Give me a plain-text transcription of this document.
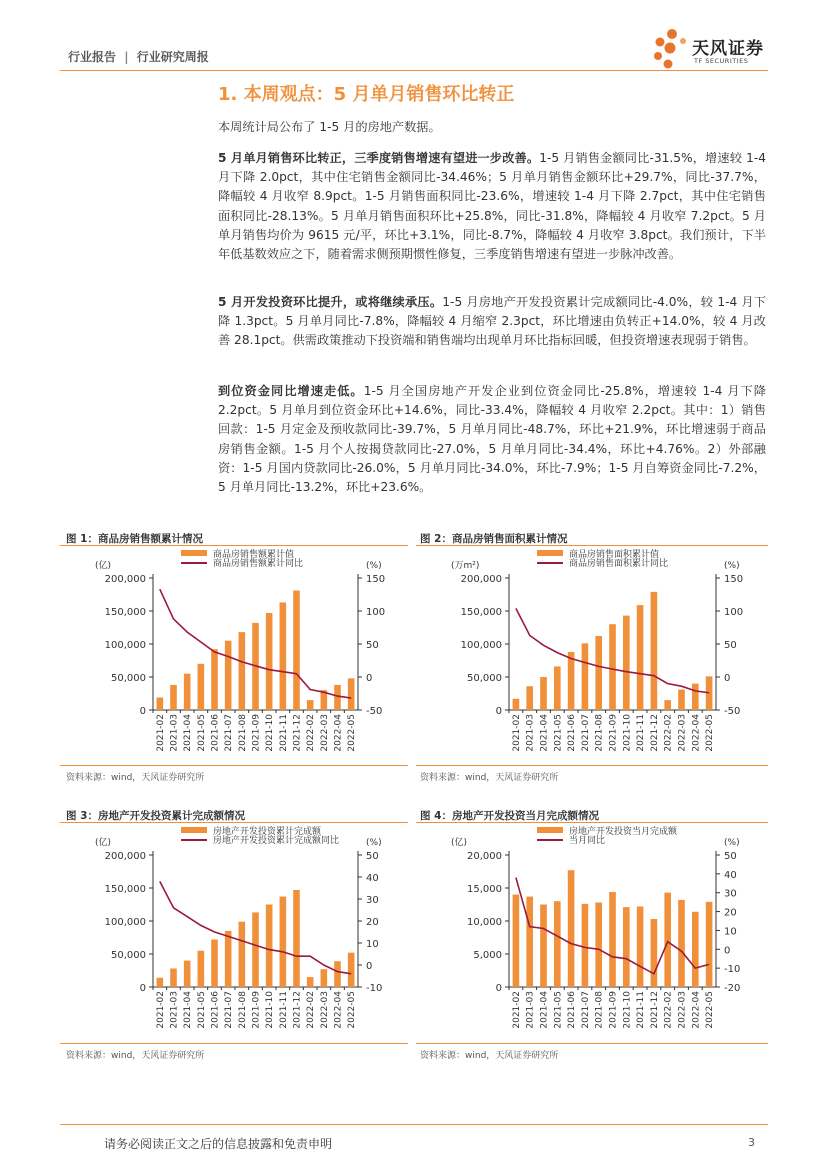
行业报告 | 行业研究周报	天风证券
TF SECURITIES
1. 本周观点：5 月单月销售环比转正
本周统计局公布了 1-5 月的房地产数据。
5 月单月销售环比转正，三季度销售增速有望进一步改善。1-5 月销售金额同比-31.5%，增速较 1-4 月下降 2.0pct，其中住宅销售金额同比-34.46%；5 月单月销售金额环比+29.7%，同比-37.7%，降幅较 4 月收窄 8.9pct。1-5 月销售面积同比-23.6%，增速较 1-4 月下降 2.7pct，其中住宅销售面积同比-28.13%。5 月单月销售面积环比+25.8%，同比-31.8%，降幅较 4 月收窄 7.2pct。5 月单月销售均价为 9615 元/平，环比+3.1%，同比-8.7%，降幅较 4 月收窄 3.8pct。我们预计，下半年低基数效应之下，随着需求侧预期惯性修复，三季度销售增速有望进一步脉冲改善。
5 月开发投资环比提升，或将继续承压。1-5 月房地产开发投资累计完成额同比-4.0%，较 1-4 月下降 1.3pct。5 月单月同比-7.8%，降幅较 4 月缩窄 2.3pct，环比增速由负转正+14.0%，较 4 月改善 28.1pct。供需政策推动下投资端和销售端均出现单月环比指标回暖，但投资增速表现弱于销售。
到位资金同比增速走低。1-5 月全国房地产开发企业到位资金同比-25.8%，增速较 1-4 月下降 2.2pct。5 月单月到位资金环比+14.6%，同比-33.4%，降幅较 4 月收窄 2.2pct。其中：1）销售回款：1-5 月定金及预收款同比-39.7%，5 月单月同比-48.7%，环比+21.9%，环比增速弱于商品房销售金额。1-5 月个人按揭贷款同比-27.0%，5 月单月同比-34.4%，环比+4.76%。2）外部融资：1-5 月国内贷款同比-26.0%，5 月单月同比-34.0%，环比-7.9%；1-5 月自筹资金同比-7.2%，5 月单月同比-13.2%，环比+23.6%。
图 1：商品房销售额累计情况
资料来源：wind，天风证券研究所
图 2：商品房销售面积累计情况
资料来源：wind，天风证券研究所
图 3：房地产开发投资累计完成额情况
资料来源：wind，天风证券研究所
图 4：房地产开发投资当月完成额情况
资料来源：wind，天风证券研究所
(亿)	(%)
商品房销售额累计值
商品房销售额累计同比
200,000
150,000
100,000
50,000
0
150
100
50
0
-50
2021-02 2021-03 2021-04 2021-05 2021-06 2021-07 2021-08 2021-09 2021-10 2021-11 2021-12 2022-02 2022-03 2022-04 2022-05
(万m²)	(%)
商品房销售面积累计值
商品房销售面积累计同比
200,000
150,000
100,000
50,000
0
150
100
50
0
-50
2021-02 2021-03 2021-04 2021-05 2021-06 2021-07 2021-08 2021-09 2021-10 2021-11 2021-12 2022-02 2022-03 2022-04 2022-05
(亿)	(%)
房地产开发投资累计完成额
房地产开发投资累计完成额同比
200,000
150,000
100,000
50,000
0
50
40
30
20
10
0
-10
2021-02 2021-03 2021-04 2021-05 2021-06 2021-07 2021-08 2021-09 2021-10 2021-11 2021-12 2022-02 2022-03 2022-04 2022-05
(亿)	(%)
房地产开发投资当月完成额
当月同比
20,000
15,000
10,000
5,000
0
50
40
30
20
10
0
-10
-20
2021-02 2021-03 2021-04 2021-05 2021-06 2021-07 2021-08 2021-09 2021-10 2021-11 2021-12 2022-02 2022-03 2022-04 2022-05
请务必阅读正文之后的信息披露和免责申明	3
